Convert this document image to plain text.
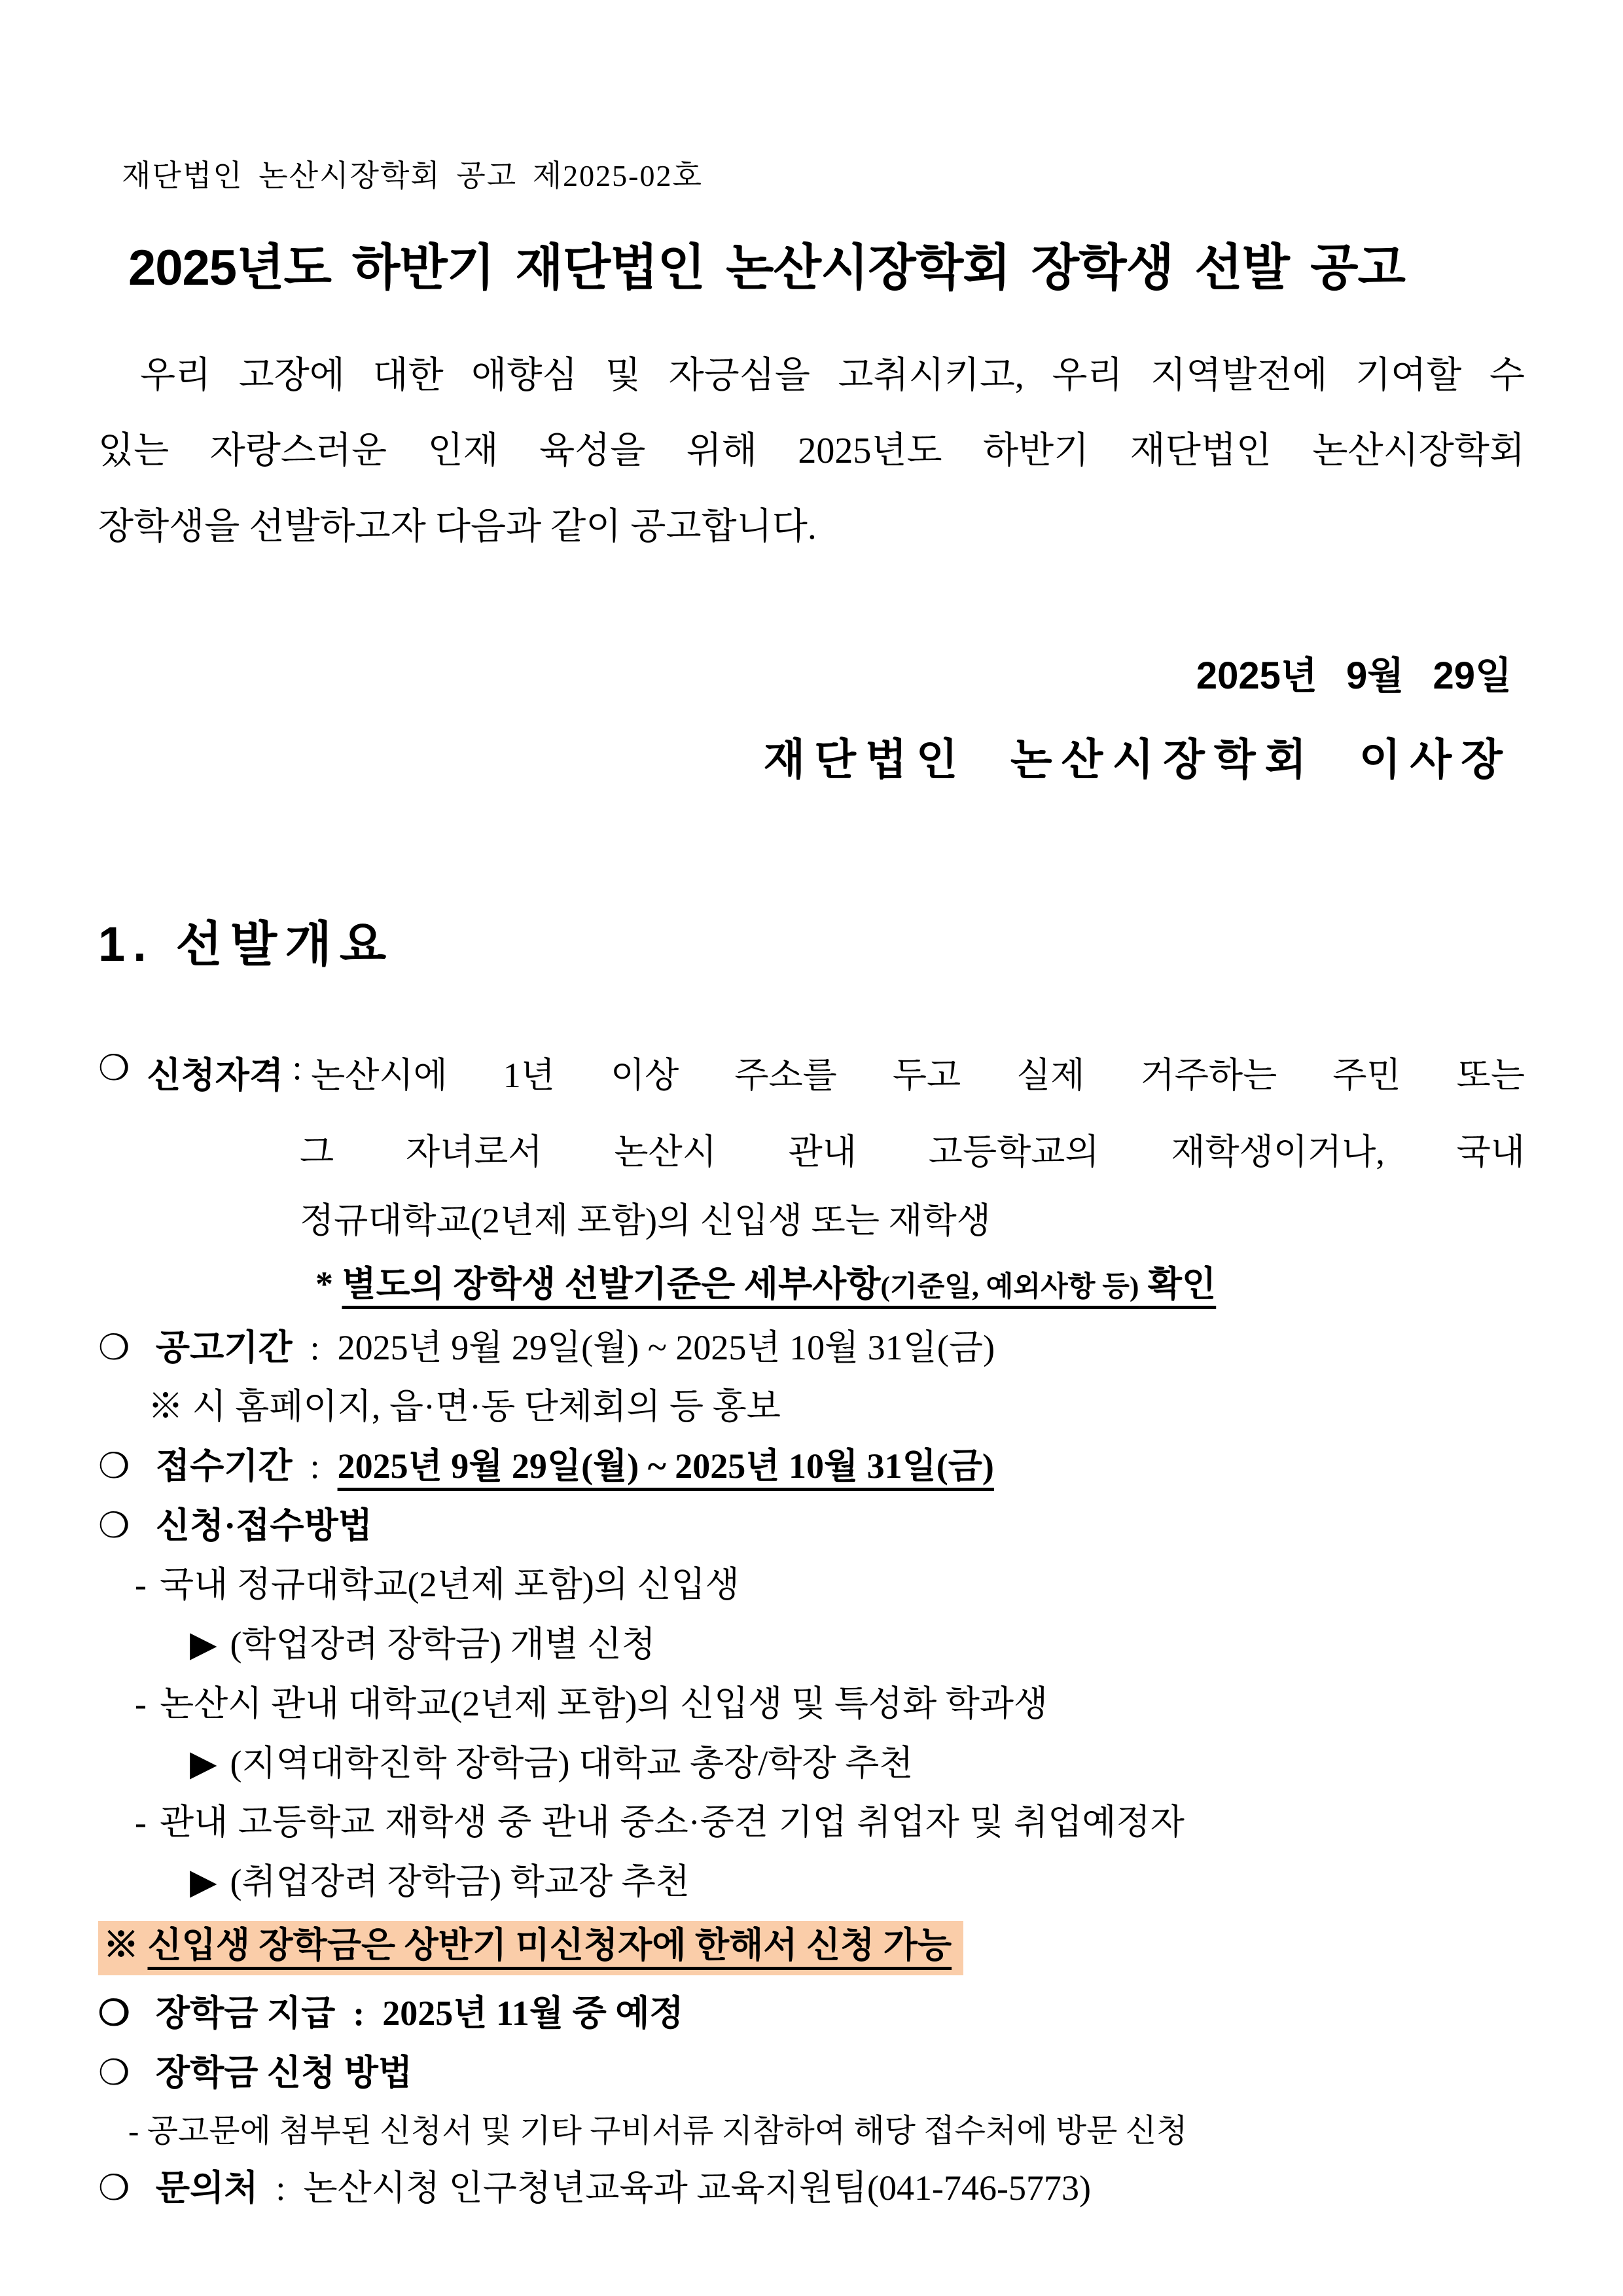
재단법인 논산시장학회 공고 제2025-02호
2025년도 하반기 재단법인 논산시장학회 장학생 선발 공고
우리 고장에 대한 애향심 및 자긍심을 고취시키고, 우리 지역발전에 기여할 수
있는 자랑스러운 인재 육성을 위해 2025년도 하반기 재단법인 논산시장학회
장학생을 선발하고자 다음과 같이 공고합니다.
2025년 9월 29일
재단법인 논산시장학회 이사장
1. 선발개요
❍ 신청자격 : 논산시에 1년 이상 주소를 두고 실제 거주하는 주민 또는
그 자녀로서 논산시 관내 고등학교의 재학생이거나, 국내
정규대학교(2년제 포함)의 신입생 또는 재학생
* 별도의 장학생 선발기준은 세부사항(기준일, 예외사항 등) 확인
❍ 공고기간  :  2025년 9월 29일(월) ~ 2025년 10월 31일(금)
※ 시 홈페이지, 읍·면·동 단체회의 등 홍보
❍ 접수기간  :  2025년 9월 29일(월) ~ 2025년 10월 31일(금)
❍ 신청·접수방법
- 국내 정규대학교(2년제 포함)의 신입생
▶ (학업장려 장학금) 개별 신청
- 논산시 관내 대학교(2년제 포함)의 신입생 및 특성화 학과생
▶ (지역대학진학 장학금) 대학교 총장/학장 추천
- 관내 고등학교 재학생 중 관내 중소·중견 기업 취업자 및 취업예정자
▶ (취업장려 장학금) 학교장 추천
※ 신입생 장학금은 상반기 미신청자에 한해서 신청 가능
❍ 장학금 지급  :  2025년 11월 중 예정
❍ 장학금 신청 방법
- 공고문에 첨부된 신청서 및 기타 구비서류 지참하여 해당 접수처에 방문 신청
❍ 문의처  :  논산시청 인구청년교육과 교육지원팀(041-746-5773)
